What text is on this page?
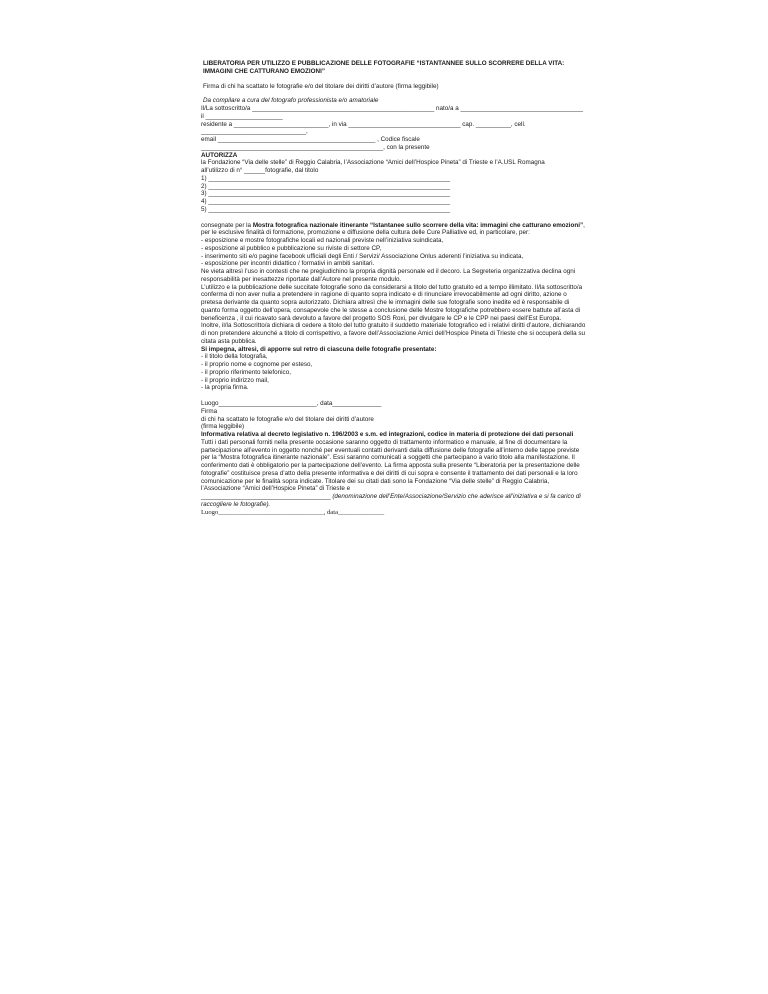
LIBERATORIA PER UTILIZZO E PUBBLICAZIONE DELLE FOTOGRAFIE “ISTANTANNEE SULLO SCORRERE DELLA VITA: IMMAGINI CHE CATTURANO EMOZIONI”

Firma di chi ha scattato le fotografie e/o del titolare dei diritti d’autore (firma leggibile)

Da compilare a cura del fotografo professionista e/o amatoriale

Il/La sottoscritto/a ____________________________________________________ nato/a a ___________________________________
il ______________________
residente a ___________________________, in via ________________________________ cap. __________, cell.
______________________________,
email _____________________________________________ , Codice fiscale
____________________________________________________, con la presente
AUTORIZZA
la Fondazione “Via delle stelle” di Reggio Calabria, l’Associazione “Amici dell’Hospice Pineta” di Trieste e l’A.USL Romagna
all’utilizzo di n° ______fotografie, dal titolo
1) _____________________________________________________________________
2) _____________________________________________________________________
3) _____________________________________________________________________
4) _____________________________________________________________________
5) _____________________________________________________________________

consegnate per la Mostra fotografica nazionale itinerante “Istantanee sullo scorrere della vita: immagini che catturano emozioni”, per le esclusive finalità di formazione, promozione e diffusione della cultura delle Cure Palliative ed, in particolare, per:

- esposizione e mostre fotografiche locali ed nazionali previste nell’iniziativa suindicata,
- esposizione al pubblico e pubblicazione su riviste di settore CP,
- inserimento siti e/o pagine facebook ufficiali degli Enti / Servizi/ Associazione Onlus aderenti l’iniziativa su indicata,
- esposizione per incontri didattico / formativi in ambiti sanitari.

Ne vieta altresì l’uso in contesti che ne pregiudichino la propria dignità personale ed il decoro. La Segreteria organizzativa declina ogni responsabilità per inesattezze riportate dall’Autore nel presente modulo.

L’utilizzo e la pubblicazione delle succitate fotografie sono da considerarsi a titolo del tutto gratuito ed a tempo illimitato. Il/la sottoscritto/a conferma di non aver nulla a pretendere in ragione di quanto sopra indicato e di rinunciare irrevocabilmente ad ogni diritto, azione o pretesa derivante da quanto sopra autorizzato. Dichiara altresì che le immagini delle sue fotografie sono inedite ed è responsabile di quanto forma oggetto dell’opera, consapevole che le stesse a conclusione delle Mostre fotografiche potrebbero essere battute all’asta di beneficenza , il cui ricavato sarà devoluto a favore del progetto SOS Roxi, per divulgare le CP e le CPP nei paesi dell’Est Europa.

Inoltre, il/la Sottoscritto/a dichiara di cedere a titolo del tutto gratuito il suddetto materiale fotografico ed i relativi diritti d’autore, dichiarando di non pretendere alcunché a titolo di corrispettivo, a favore dell’Associazione Amici dell’Hospice Pineta di Trieste che si occuperà della su citata asta pubblica.

Si impegna, altresì, di apporre sul retro di ciascuna delle fotografie presentate:
- il titolo della fotografia,
- il proprio nome e cognome per esteso,
- il proprio riferimento telefonico,
- il proprio indirizzo mail,
- la propria firma.
Luogo____________________________, data______________
Firma
di chi ha scattato le fotografie e/o del titolare dei diritti d’autore
(firma leggibile)
Informativa relativa al decreto legislativo n. 196/2003 e s.m. ed integrazioni, codice in materia di protezione dei dati personali

Tutti i dati personali forniti nella presente occasione saranno oggetto di trattamento informatico e manuale, al fine di documentare la partecipazione all’evento in oggetto nonché per eventuali contatti derivanti dalla diffusione delle fotografie all’interno delle tappe previste per la “Mostra fotografica itinerante nazionale”. Essi saranno comunicati a soggetti che partecipano a vario titolo alla manifestazione. Il conferimento dati è obbligatorio per la partecipazione dell’evento. La firma apposta sulla presente “Liberatoria per la presentazione delle fotografie” costituisce presa d’atto della presente informativa e dei diritti di cui sopra e consente il trattamento dei dati personali e la loro comunicazione per le finalità sopra indicate. Titolare dei su citati dati sono la Fondazione “Via delle stelle” di Reggio Calabria, l’Associazione “Amici dell’Hospice Pineta” di Trieste e

_____________________________________ (denominazione dell’Ente/Associazione/Servizio che aderisce all’iniziativa e si fa carico di raccogliere le fotografie).

Luogo________________________________, data______________
